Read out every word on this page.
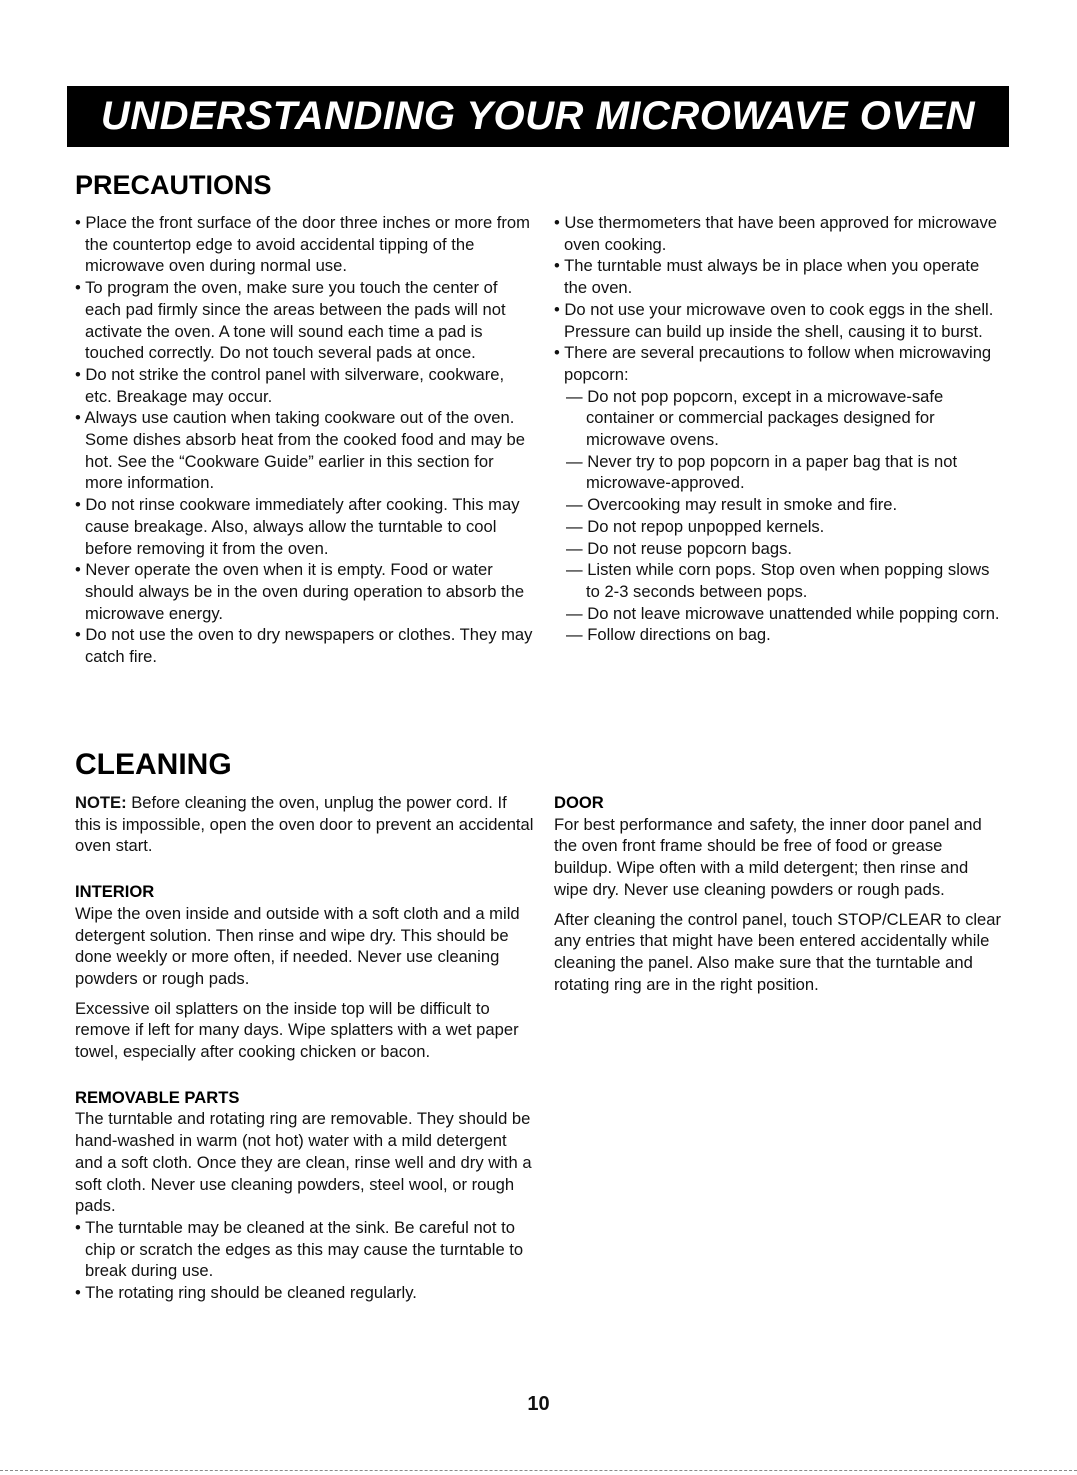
UNDERSTANDING YOUR MICROWAVE OVEN
PRECAUTIONS

• Place the front surface of the door three inches or more from the countertop edge to avoid accidental tipping of the microwave oven during normal use.

• To program the oven, make sure you touch the center of each pad firmly since the areas between the pads will not activate the oven. A tone will sound each time a pad is touched correctly. Do not touch several pads at once.

• Do not strike the control panel with silverware, cookware, etc. Breakage may occur.

• Always use caution when taking cookware out of the oven. Some dishes absorb heat from the cooked food and may be hot. See the “Cookware Guide” earlier in this section for more information.

• Do not rinse cookware immediately after cooking. This may cause breakage. Also, always allow the turntable to cool before removing it from the oven.

• Never operate the oven when it is empty. Food or water should always be in the oven during operation to absorb the microwave energy.

• Do not use the oven to dry newspapers or clothes. They may catch fire.

• Use thermometers that have been approved for microwave oven cooking.

• The turntable must always be in place when you operate the oven.

• Do not use your microwave oven to cook eggs in the shell. Pressure can build up inside the shell, causing it to burst.

• There are several precautions to follow when microwaving popcorn:

— Do not pop popcorn, except in a microwave-safe container or commercial packages designed for microwave ovens.

— Never try to pop popcorn in a paper bag that is not microwave-approved.

— Overcooking may result in smoke and fire.

— Do not repop unpopped kernels.

— Do not reuse popcorn bags.

— Listen while corn pops. Stop oven when popping slows to 2-3 seconds between pops.

— Do not leave microwave unattended while popping corn.

— Follow directions on bag.

CLEANING

NOTE: Before cleaning the oven, unplug the power cord. If this is impossible, open the oven door to prevent an accidental oven start.

INTERIOR

Wipe the oven inside and outside with a soft cloth and a mild detergent solution. Then rinse and wipe dry. This should be done weekly or more often, if needed. Never use cleaning powders or rough pads.

Excessive oil splatters on the inside top will be difficult to remove if left for many days. Wipe splatters with a wet paper towel, especially after cooking chicken or bacon.

REMOVABLE PARTS

The turntable and rotating ring are removable. They should be hand-washed in warm (not hot) water with a mild detergent and a soft cloth. Once they are clean, rinse well and dry with a soft cloth. Never use cleaning powders, steel wool, or rough pads.

• The turntable may be cleaned at the sink. Be careful not to chip or scratch the edges as this may cause the turntable to break during use.

• The rotating ring should be cleaned regularly.

DOOR

For best performance and safety, the inner door panel and the oven front frame should be free of food or grease buildup. Wipe often with a mild detergent; then rinse and wipe dry. Never use cleaning powders or rough pads.

After cleaning the control panel, touch STOP/CLEAR to clear any entries that might have been entered accidentally while cleaning the panel. Also make sure that the turntable and rotating ring are in the right position.

10
